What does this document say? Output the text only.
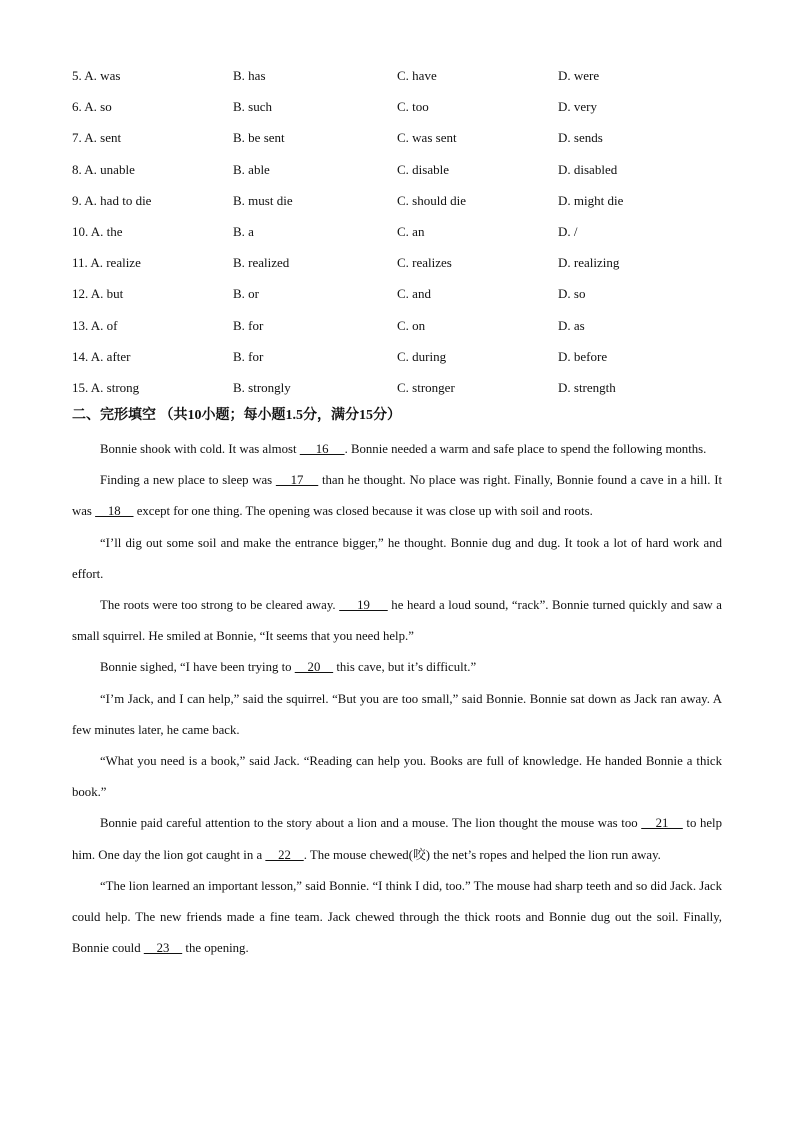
5. A. was	B. has	C. have	D. were
6. A. so	B. such	C. too	D. very
7. A. sent	B. be sent	C. was sent	D. sends
8. A. unable	B. able	C. disable	D. disabled
9. A. had to die	B. must die	C. should die	D. might die
10. A. the	B. a	C. an	D. /
11. A. realize	B. realized	C. realizes	D. realizing
12. A. but	B. or	C. and	D. so
13. A. of	B. for	C. on	D. as
14. A. after	B. for	C. during	D. before
15. A. strong	B. strongly	C. stronger	D. strength
二、完形填空 （共10小题；每小题1.5分，满分15分）

Bonnie shook with cold. It was almost      16     . Bonnie needed a warm and safe place to spend the following months.

Finding a new place to sleep was     17     than he thought. No place was right. Finally, Bonnie found a cave in a hill. It was     18     except for one thing. The opening was closed because it was close up with soil and roots.

“I’ll dig out some soil and make the entrance bigger,” he thought. Bonnie dug and dug. It took a lot of hard work and effort.

The roots were too strong to be cleared away.      19      he heard a loud sound, “rack”. Bonnie turned quickly and saw a small squirrel. He smiled at Bonnie, “It seems that you need help.”

Bonnie sighed, “I have been trying to     20     this cave, but it’s difficult.”

“I’m Jack, and I can help,” said the squirrel. “But you are too small,” said Bonnie. Bonnie sat down as Jack ran away. A few minutes later, he came back.

“What you need is a book,” said Jack. “Reading can help you. Books are full of knowledge. He handed Bonnie a thick book.”

Bonnie paid careful attention to the story about a lion and a mouse. The lion thought the mouse was too     21     to help him. One day the lion got caught in a     22    . The mouse chewed(咬) the net’s ropes and helped the lion run away.

“The lion learned an important lesson,” said Bonnie. “I think I did, too.” The mouse had sharp teeth and so did Jack. Jack could help. The new friends made a fine team. Jack chewed through the thick roots and Bonnie dug out the soil. Finally, Bonnie could     23     the opening.
